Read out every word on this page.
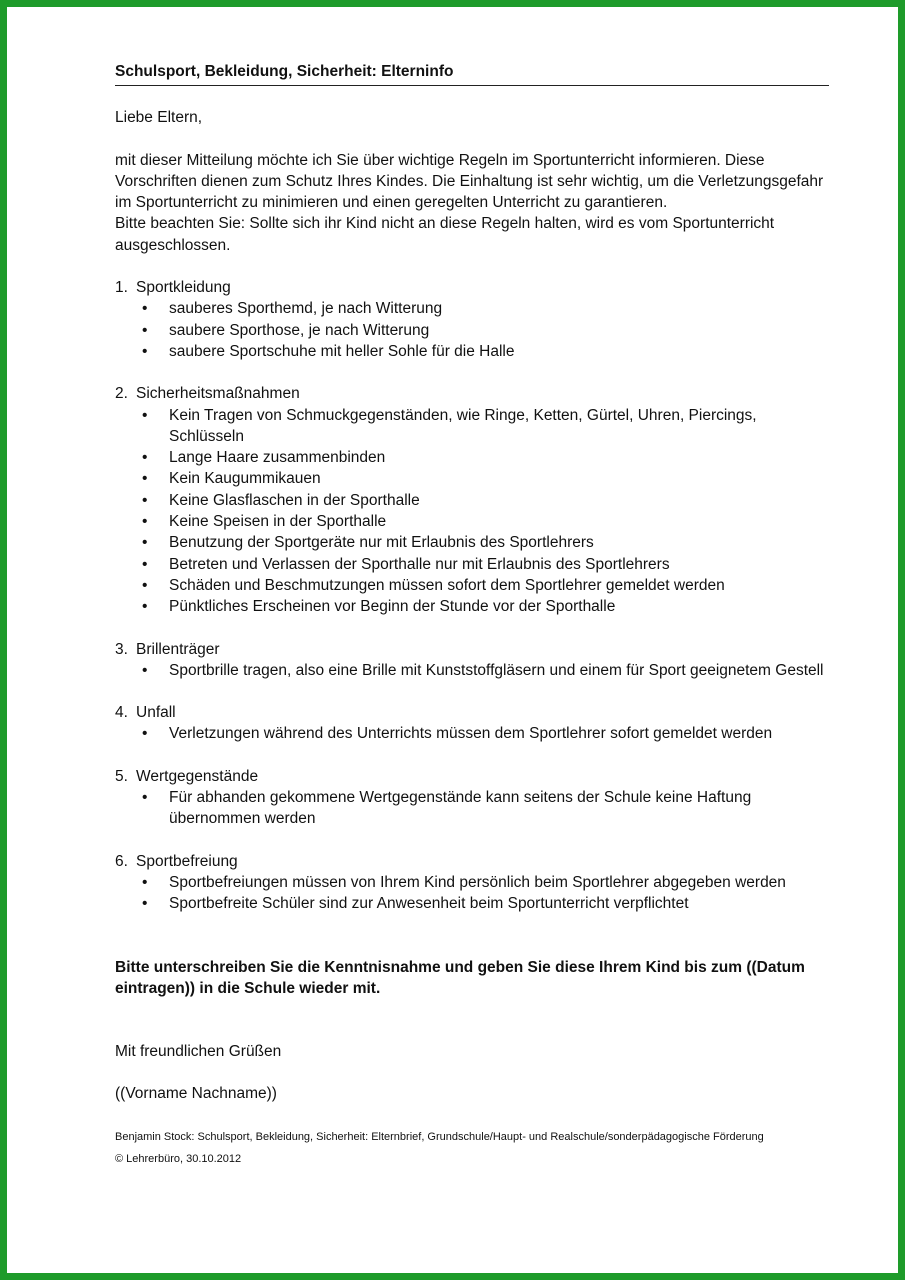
Schulsport, Bekleidung, Sicherheit: Elterninfo
Liebe Eltern,

mit dieser Mitteilung möchte ich Sie über wichtige Regeln im Sportunterricht informieren. Diese Vorschriften dienen zum Schutz Ihres Kindes. Die Einhaltung ist sehr wichtig, um die Verletzungsgefahr im Sportunterricht zu minimieren und einen geregelten Unterricht zu garantieren.

Bitte beachten Sie: Sollte sich ihr Kind nicht an diese Regeln halten, wird es vom Sportunterricht ausgeschlossen.

1. Sportkleidung
• sauberes Sporthemd, je nach Witterung
• saubere Sporthose, je nach Witterung
• saubere Sportschuhe mit heller Sohle für die Halle
2. Sicherheitsmaßnahmen
• Kein Tragen von Schmuckgegenständen, wie Ringe, Ketten, Gürtel, Uhren, Piercings, Schlüsseln
• Lange Haare zusammenbinden
• Kein Kaugummikauen
• Keine Glasflaschen in der Sporthalle
• Keine Speisen in der Sporthalle
• Benutzung der Sportgeräte nur mit Erlaubnis des Sportlehrers
• Betreten und Verlassen der Sporthalle nur mit Erlaubnis des Sportlehrers
• Schäden und Beschmutzungen müssen sofort dem Sportlehrer gemeldet werden
• Pünktliches Erscheinen vor Beginn der Stunde vor der Sporthalle
3. Brillenträger
• Sportbrille tragen, also eine Brille mit Kunststoffgläsern und einem für Sport geeignetem Gestell
4. Unfall
• Verletzungen während des Unterrichts müssen dem Sportlehrer sofort gemeldet werden
5. Wertgegenstände
• Für abhanden gekommene Wertgegenstände kann seitens der Schule keine Haftung übernommen werden
6. Sportbefreiung
• Sportbefreiungen müssen von Ihrem Kind persönlich beim Sportlehrer abgegeben werden
• Sportbefreite Schüler sind zur Anwesenheit beim Sportunterricht verpflichtet
Bitte unterschreiben Sie die Kenntnisnahme und geben Sie diese Ihrem Kind bis zum ((Datum eintragen)) in die Schule wieder mit.
Mit freundlichen Grüßen
((Vorname Nachname))
Benjamin Stock: Schulsport, Bekleidung, Sicherheit: Elternbrief, Grundschule/Haupt- und Realschule/sonderpädagogische Förderung
© Lehrerbüro, 30.10.2012
